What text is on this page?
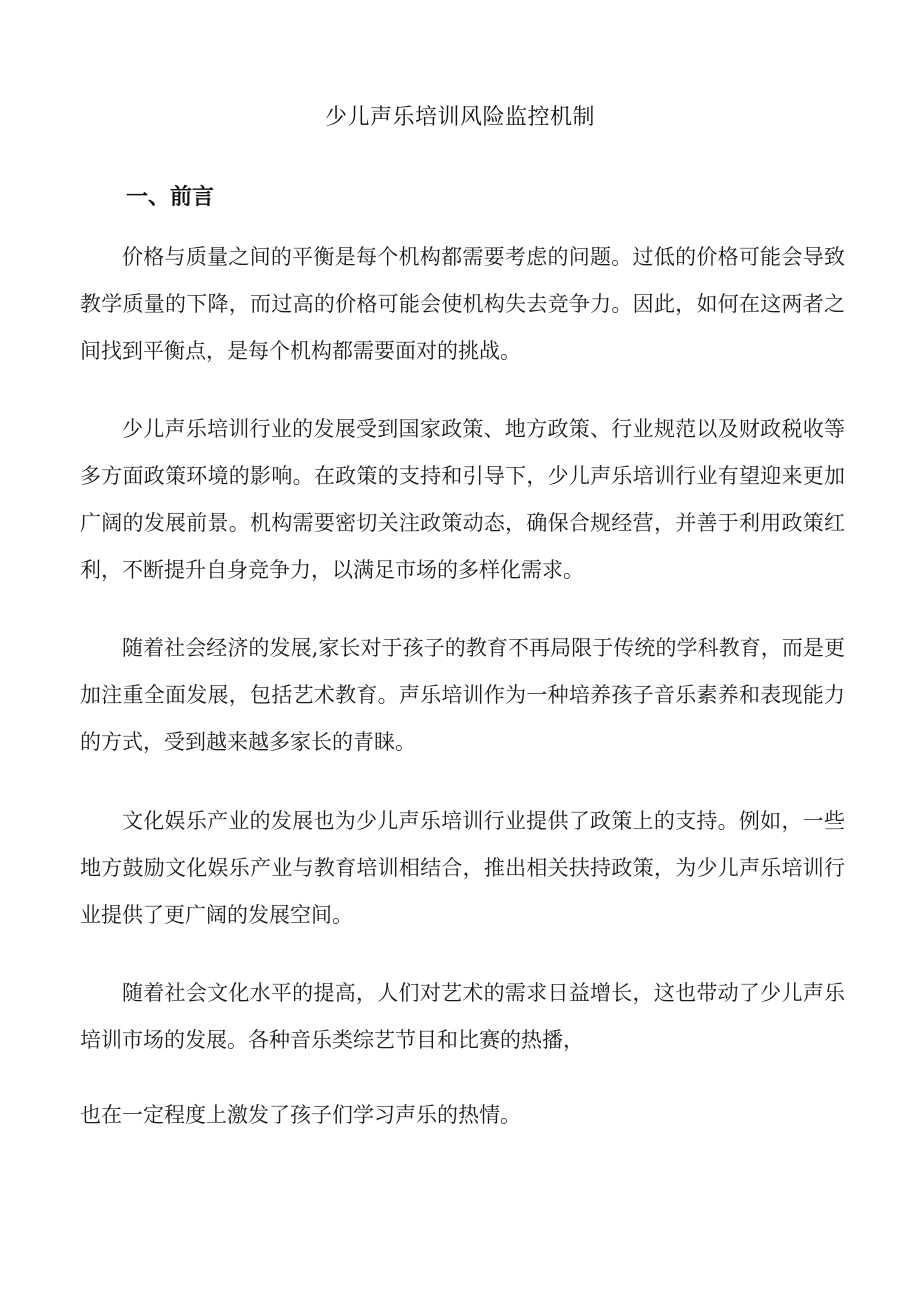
少儿声乐培训风险监控机制
一、前言

价格与质量之间的平衡是每个机构都需要考虑的问题。过低的价格可能会导致教学质量的下降，而过高的价格可能会使机构失去竞争力。因此，如何在这两者之间找到平衡点，是每个机构都需要面对的挑战。

少儿声乐培训行业的发展受到国家政策、地方政策、行业规范以及财政税收等多方面政策环境的影响。在政策的支持和引导下，少儿声乐培训行业有望迎来更加广阔的发展前景。机构需要密切关注政策动态，确保合规经营，并善于利用政策红利，不断提升自身竞争力，以满足市场的多样化需求。

随着社会经济的发展,家长对于孩子的教育不再局限于传统的学科教育，而是更加注重全面发展，包括艺术教育。声乐培训作为一种培养孩子音乐素养和表现能力的方式，受到越来越多家长的青睐。

文化娱乐产业的发展也为少儿声乐培训行业提供了政策上的支持。例如，一些地方鼓励文化娱乐产业与教育培训相结合，推出相关扶持政策，为少儿声乐培训行业提供了更广阔的发展空间。

随着社会文化水平的提高，人们对艺术的需求日益增长，这也带动了少儿声乐培训市场的发展。各种音乐类综艺节目和比赛的热播，

也在一定程度上激发了孩子们学习声乐的热情。
